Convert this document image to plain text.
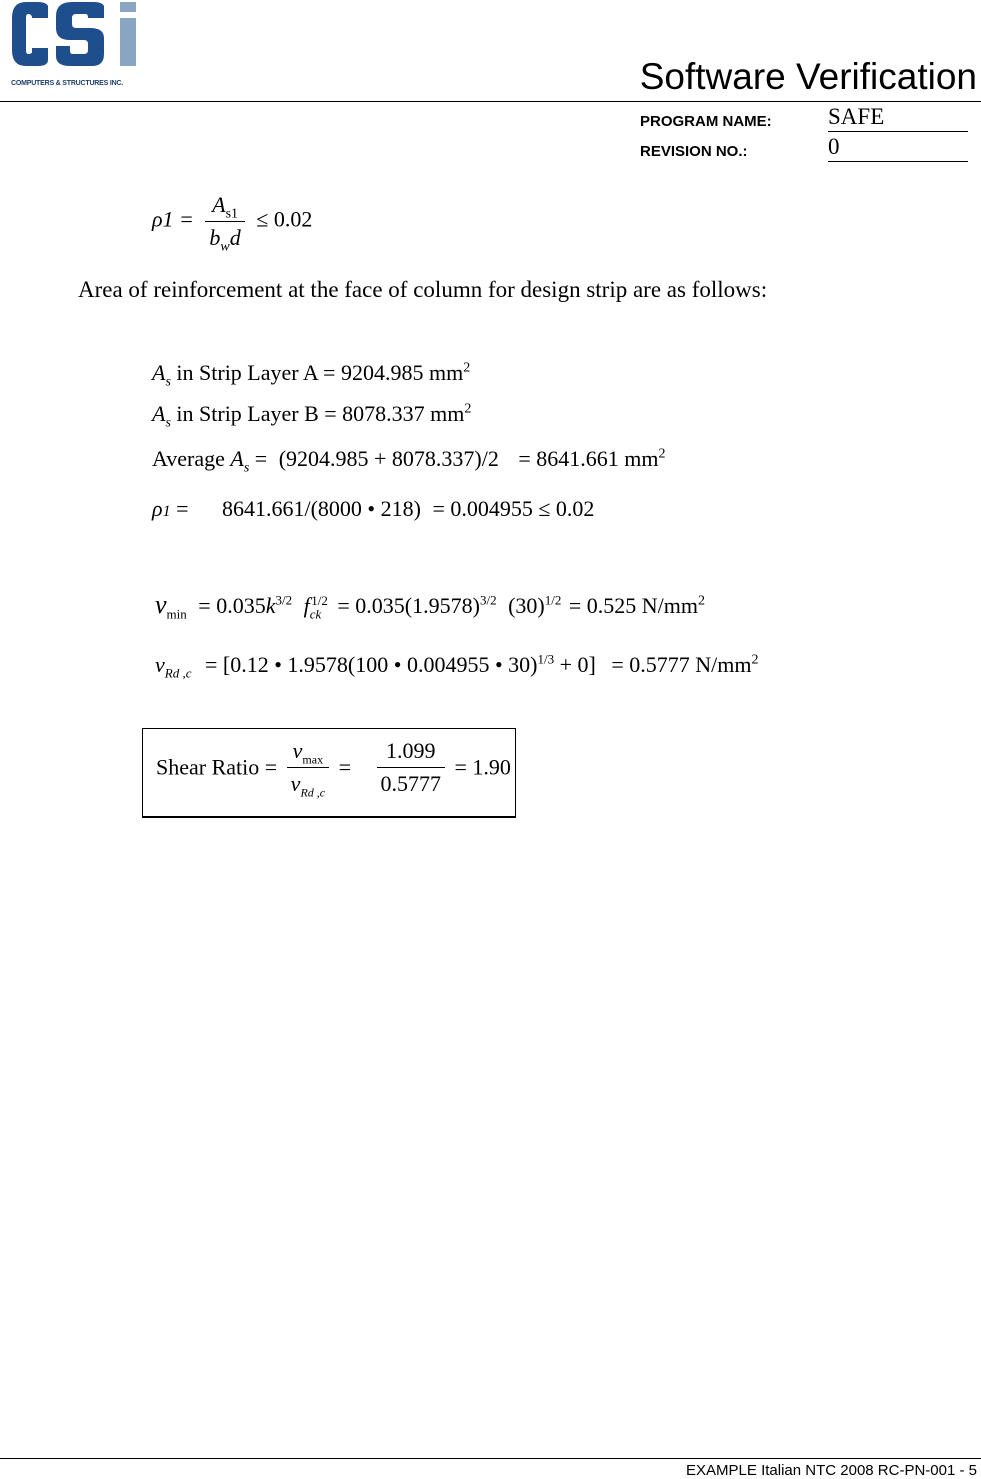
COMPUTERS & STRUCTURES INC.	Software Verification
PROGRAM NAME: SAFE
REVISION NO.:	0
$\rho 1 = \frac{A_{s1}}{b_wd} \le 0.02$
Area of reinforcement at the face of column for design strip are as follows:
$A_s$ in Strip Layer A = 9204.985 $mm^2$
$A_s$ in Strip Layer B = 8078.337 $mm^2$
Average $A_s = (9204.985 + 8078.337)/2 = 8641.661$ $mm^2$
ρ1 = 8641.661/(8000 • 218) = 0.004955 ≤ 0.02
$\nu_{min} = 0.035k^{3/2}$ $f_{ck}^{1/2} = 0.035(1.9578)^{3/2}$ $(30)^{1/2} = 0.525$ $N/mm^2$
$v_{Rd ,c} = [0.12$ • 1.9578(100 • 0.004955 • 30)$^{1/3}$ + 0] = 0.5777 $N/mm^2$
Shear Ratio = $\frac{v_{max}}{v_{Rd ,c}} = \frac{1.099}{0.5777} = 1.90$
EXAMPLE Italian NTC 2008 RC-PN-001 - 5
